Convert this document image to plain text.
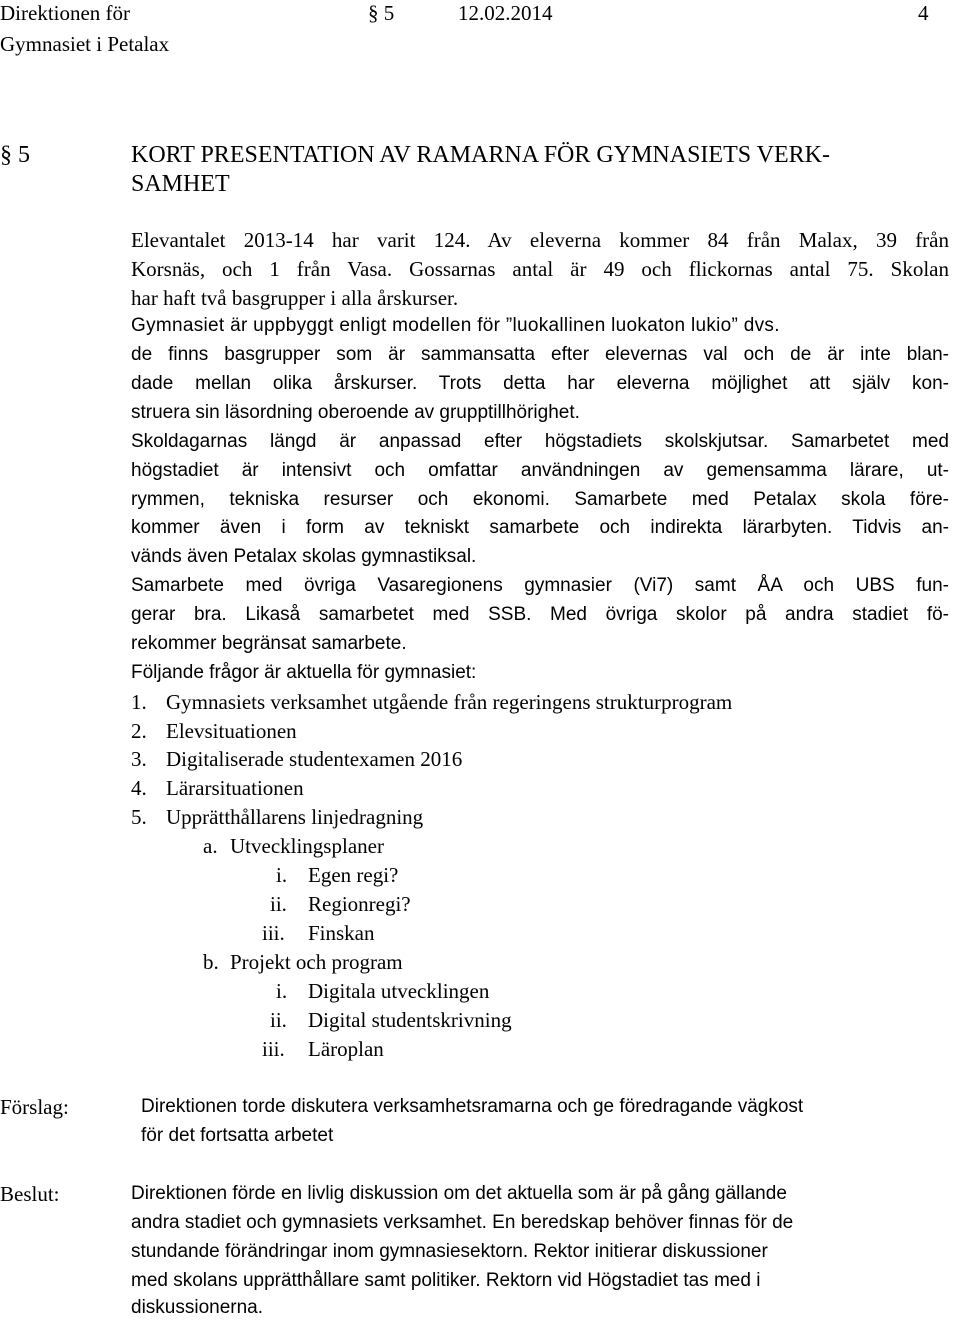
Direktionen för
Gymnasiet i Petalax
§ 5	12.02.2014	4
§ 5	KORT PRESENTATION AV RAMARNA FÖR GYMNASIETS VERK-
SAMHET
Elevantalet 2013-14 har varit 124. Av eleverna kommer 84 från Malax, 39 från
Korsnäs, och 1 från Vasa. Gossarnas antal är 49 och flickornas antal 75. Skolan
har haft två basgrupper i alla årskurser.
Gymnasiet är uppbyggt enligt modellen för ”luokallinen luokaton lukio” dvs.
de finns basgrupper som är sammansatta efter elevernas val och de är inte blan-
dade mellan olika årskurser. Trots detta har eleverna möjlighet att själv kon-
struera sin läsordning oberoende av grupptillhörighet.
Skoldagarnas längd är anpassad efter högstadiets skolskjutsar. Samarbetet med
högstadiet är intensivt och omfattar användningen av gemensamma lärare, ut-
rymmen, tekniska resurser och ekonomi. Samarbete med Petalax skola före-
kommer även i form av tekniskt samarbete och indirekta lärarbyten. Tidvis an-
vänds även Petalax skolas gymnastiksal.
Samarbete med övriga Vasaregionens gymnasier (Vi7) samt ÅA och UBS fun-
gerar bra. Likaså samarbetet med SSB. Med övriga skolor på andra stadiet fö-
rekommer begränsat samarbete.
Följande frågor är aktuella för gymnasiet:
1. Gymnasiets verksamhet utgående från regeringens strukturprogram
2. Elevsituationen
3. Digitaliserade studentexamen 2016
4. Lärarsituationen
5. Upprätthållarens linjedragning
a. Utvecklingsplaner
i. Egen regi?
ii. Regionregi?
iii. Finskan
b. Projekt och program
i. Digitala utvecklingen
ii. Digital studentskrivning
iii. Läroplan
Förslag:	Direktionen torde diskutera verksamhetsramarna och ge föredragande vägkost
för det fortsatta arbetet
Beslut:	Direktionen förde en livlig diskussion om det aktuella som är på gång gällande
andra stadiet och gymnasiets verksamhet. En beredskap behöver finnas för de
stundande förändringar inom gymnasiesektorn. Rektor initierar diskussioner
med skolans upprätthållare samt politiker. Rektorn vid Högstadiet tas med i
diskussionerna.
